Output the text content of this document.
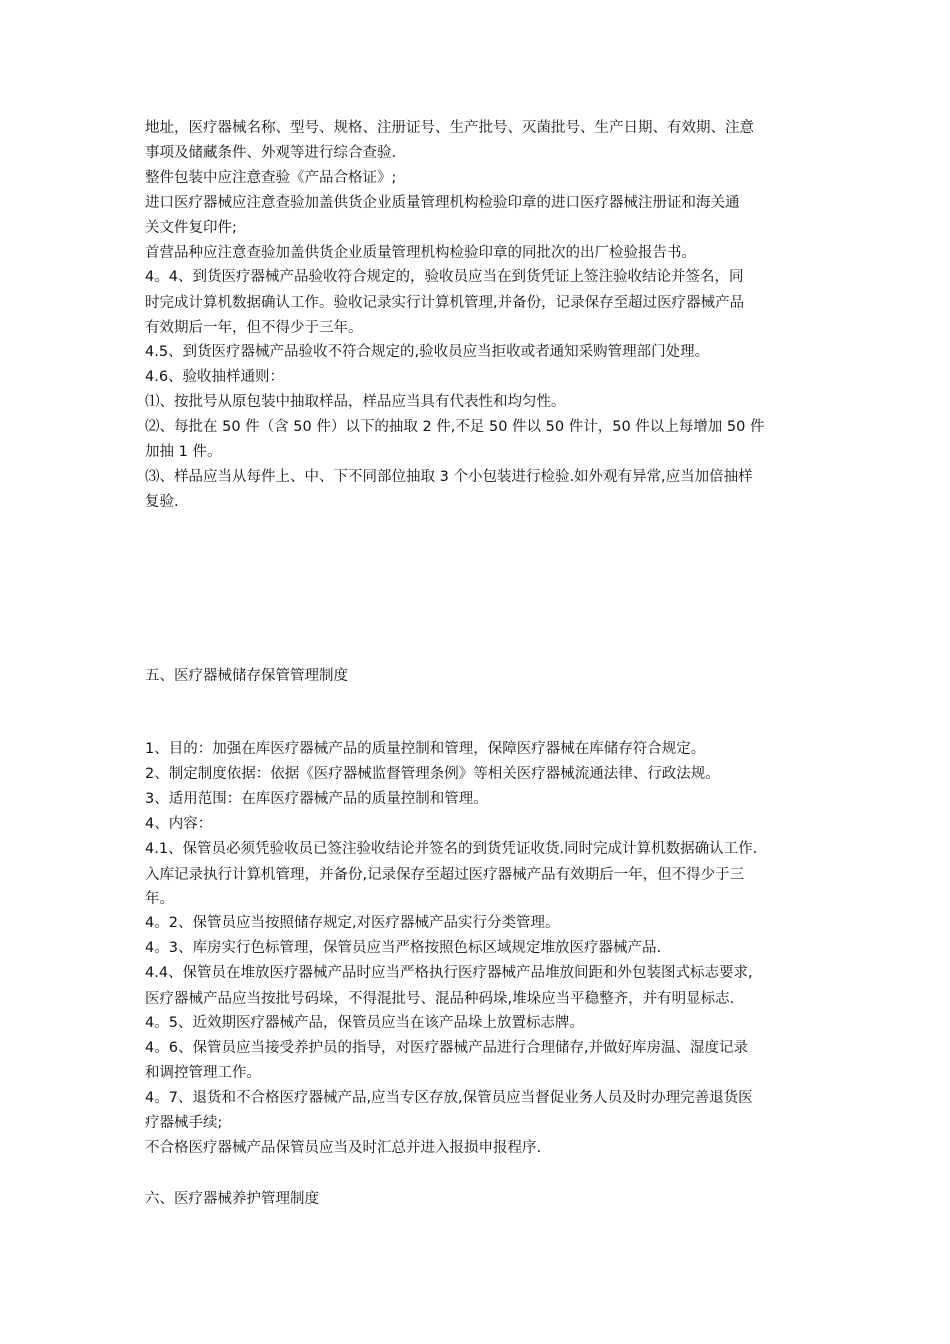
地址，医疗器械名称、型号、规格、注册证号、生产批号、灭菌批号、生产日期、有效期、注意
事项及储藏条件、外观等进行综合查验.
整件包装中应注意查验《产品合格证》;
进口医疗器械应注意查验加盖供货企业质量管理机构检验印章的进口医疗器械注册证和海关通
关文件复印件;
首营品种应注意查验加盖供货企业质量管理机构检验印章的同批次的出厂检验报告书。
4。4、到货医疗器械产品验收符合规定的，验收员应当在到货凭证上签注验收结论并签名，同
时完成计算机数据确认工作。验收记录实行计算机管理,并备份，记录保存至超过医疗器械产品
有效期后一年，但不得少于三年。
4.5、到货医疗器械产品验收不符合规定的,验收员应当拒收或者通知采购管理部门处理。
4.6、验收抽样通则：
⑴、按批号从原包装中抽取样品，样品应当具有代表性和均匀性。
⑵、每批在 50 件（含 50 件）以下的抽取 2 件,不足 50 件以 50 件计，50 件以上每增加 50 件
加抽 1 件。
⑶、样品应当从每件上、中、下不同部位抽取 3 个小包装进行检验.如外观有异常,应当加倍抽样
复验.
五、医疗器械储存保管管理制度
1、目的：加强在库医疗器械产品的质量控制和管理，保障医疗器械在库储存符合规定。
2、制定制度依据：依据《医疗器械监督管理条例》等相关医疗器械流通法律、行政法规。
3、适用范围：在库医疗器械产品的质量控制和管理。
4、内容：
4.1、保管员必须凭验收员已签注验收结论并签名的到货凭证收货.同时完成计算机数据确认工作.
入库记录执行计算机管理，并备份,记录保存至超过医疗器械产品有效期后一年，但不得少于三
年。
4。2、保管员应当按照储存规定,对医疗器械产品实行分类管理。
4。3、库房实行色标管理，保管员应当严格按照色标区域规定堆放医疗器械产品.
4.4、保管员在堆放医疗器械产品时应当严格执行医疗器械产品堆放间距和外包装图式标志要求,
医疗器械产品应当按批号码垛，不得混批号、混品种码垛,堆垛应当平稳整齐，并有明显标志.
4。5、近效期医疗器械产品，保管员应当在该产品垛上放置标志牌。
4。6、保管员应当接受养护员的指导，对医疗器械产品进行合理储存,并做好库房温、湿度记录
和调控管理工作。
4。7、退货和不合格医疗器械产品,应当专区存放,保管员应当督促业务人员及时办理完善退货医
疗器械手续;
不合格医疗器械产品保管员应当及时汇总并进入报损申报程序.
六、医疗器械养护管理制度
